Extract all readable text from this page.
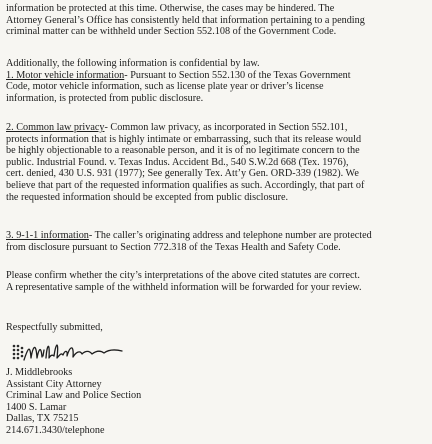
information be protected at this time. Otherwise, the cases may be hindered. The
Attorney General’s Office has consistently held that information pertaining to a pending
criminal matter can be withheld under Section 552.108 of the Government Code.
Additionally, the following information is confidential by law.
1. Motor vehicle information- Pursuant to Section 552.130 of the Texas Government
Code, motor vehicle information, such as license plate year or driver’s license
information, is protected from public disclosure.
2. Common law privacy- Common law privacy, as incorporated in Section 552.101,
protects information that is highly intimate or embarrassing, such that its release would
be highly objectionable to a reasonable person, and it is of no legitimate concern to the
public. Industrial Found. v. Texas Indus. Accident Bd., 540 S.W.2d 668 (Tex. 1976),
cert. denied, 430 U.S. 931 (1977); See generally Tex. Att’y Gen. ORD-339 (1982). We
believe that part of the requested information qualifies as such. Accordingly, that part of
the requested information should be excepted from public disclosure.
3. 9-1-1 information- The caller’s originating address and telephone number are protected
from disclosure pursuant to Section 772.318 of the Texas Health and Safety Code.
Please confirm whether the city’s interpretations of the above cited statutes are correct.
A representative sample of the withheld information will be forwarded for your review.
Respectfully submitted,
J. Middlebrooks
Assistant City Attorney
Criminal Law and Police Section
1400 S. Lamar
Dallas, TX 75215
214.671.3430/telephone
